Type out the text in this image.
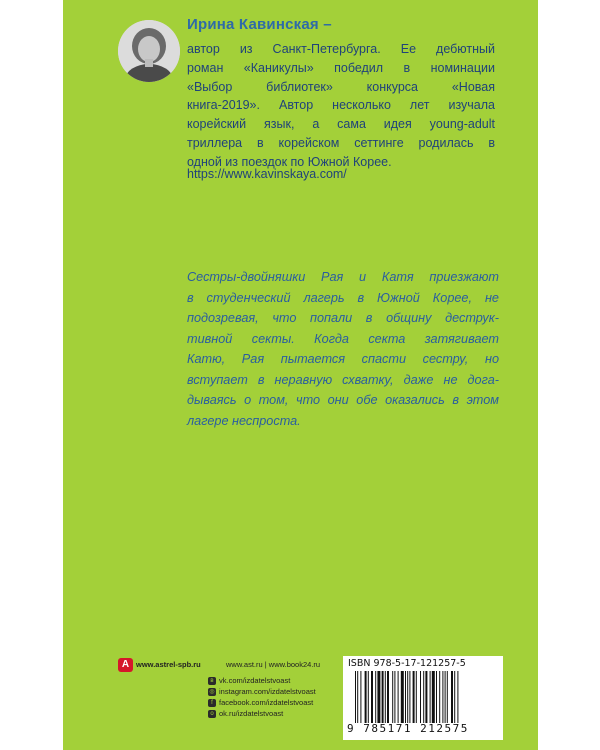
Ирина Кавинская –
автор из Санкт-Петербурга. Ее дебютный
роман «Каникулы» победил в номинации
«Выбор библиотек» конкурса «Новая
книга-2019». Автор несколько лет изучала
корейский язык, а сама идея young-adult
триллера в корейском сеттинге родилась в
одной из поездок по Южной Корее.
https://www.kavinskaya.com/
Сестры-двойняшки Рая и Катя приезжают
в студенческий лагерь в Южной Корее, не
подозревая, что попали в общину деструк-
тивной секты. Когда секта затягивает
Катю, Рая пытается спасти сестру, но
вступает в неравную схватку, даже не дога-
дываясь о том, что они обе оказались в этом
лагере неспроста.
A www.astrel-spb.ru	www.ast.ru | www.book24.ru
в vk.com/izdatelstvoast
◎ instagram.com/izdatelstvoast
f facebook.com/izdatelstvoast
о ok.ru/izdatelstvoast
ISBN 978-5-17-121257-5
9 785171 212575
